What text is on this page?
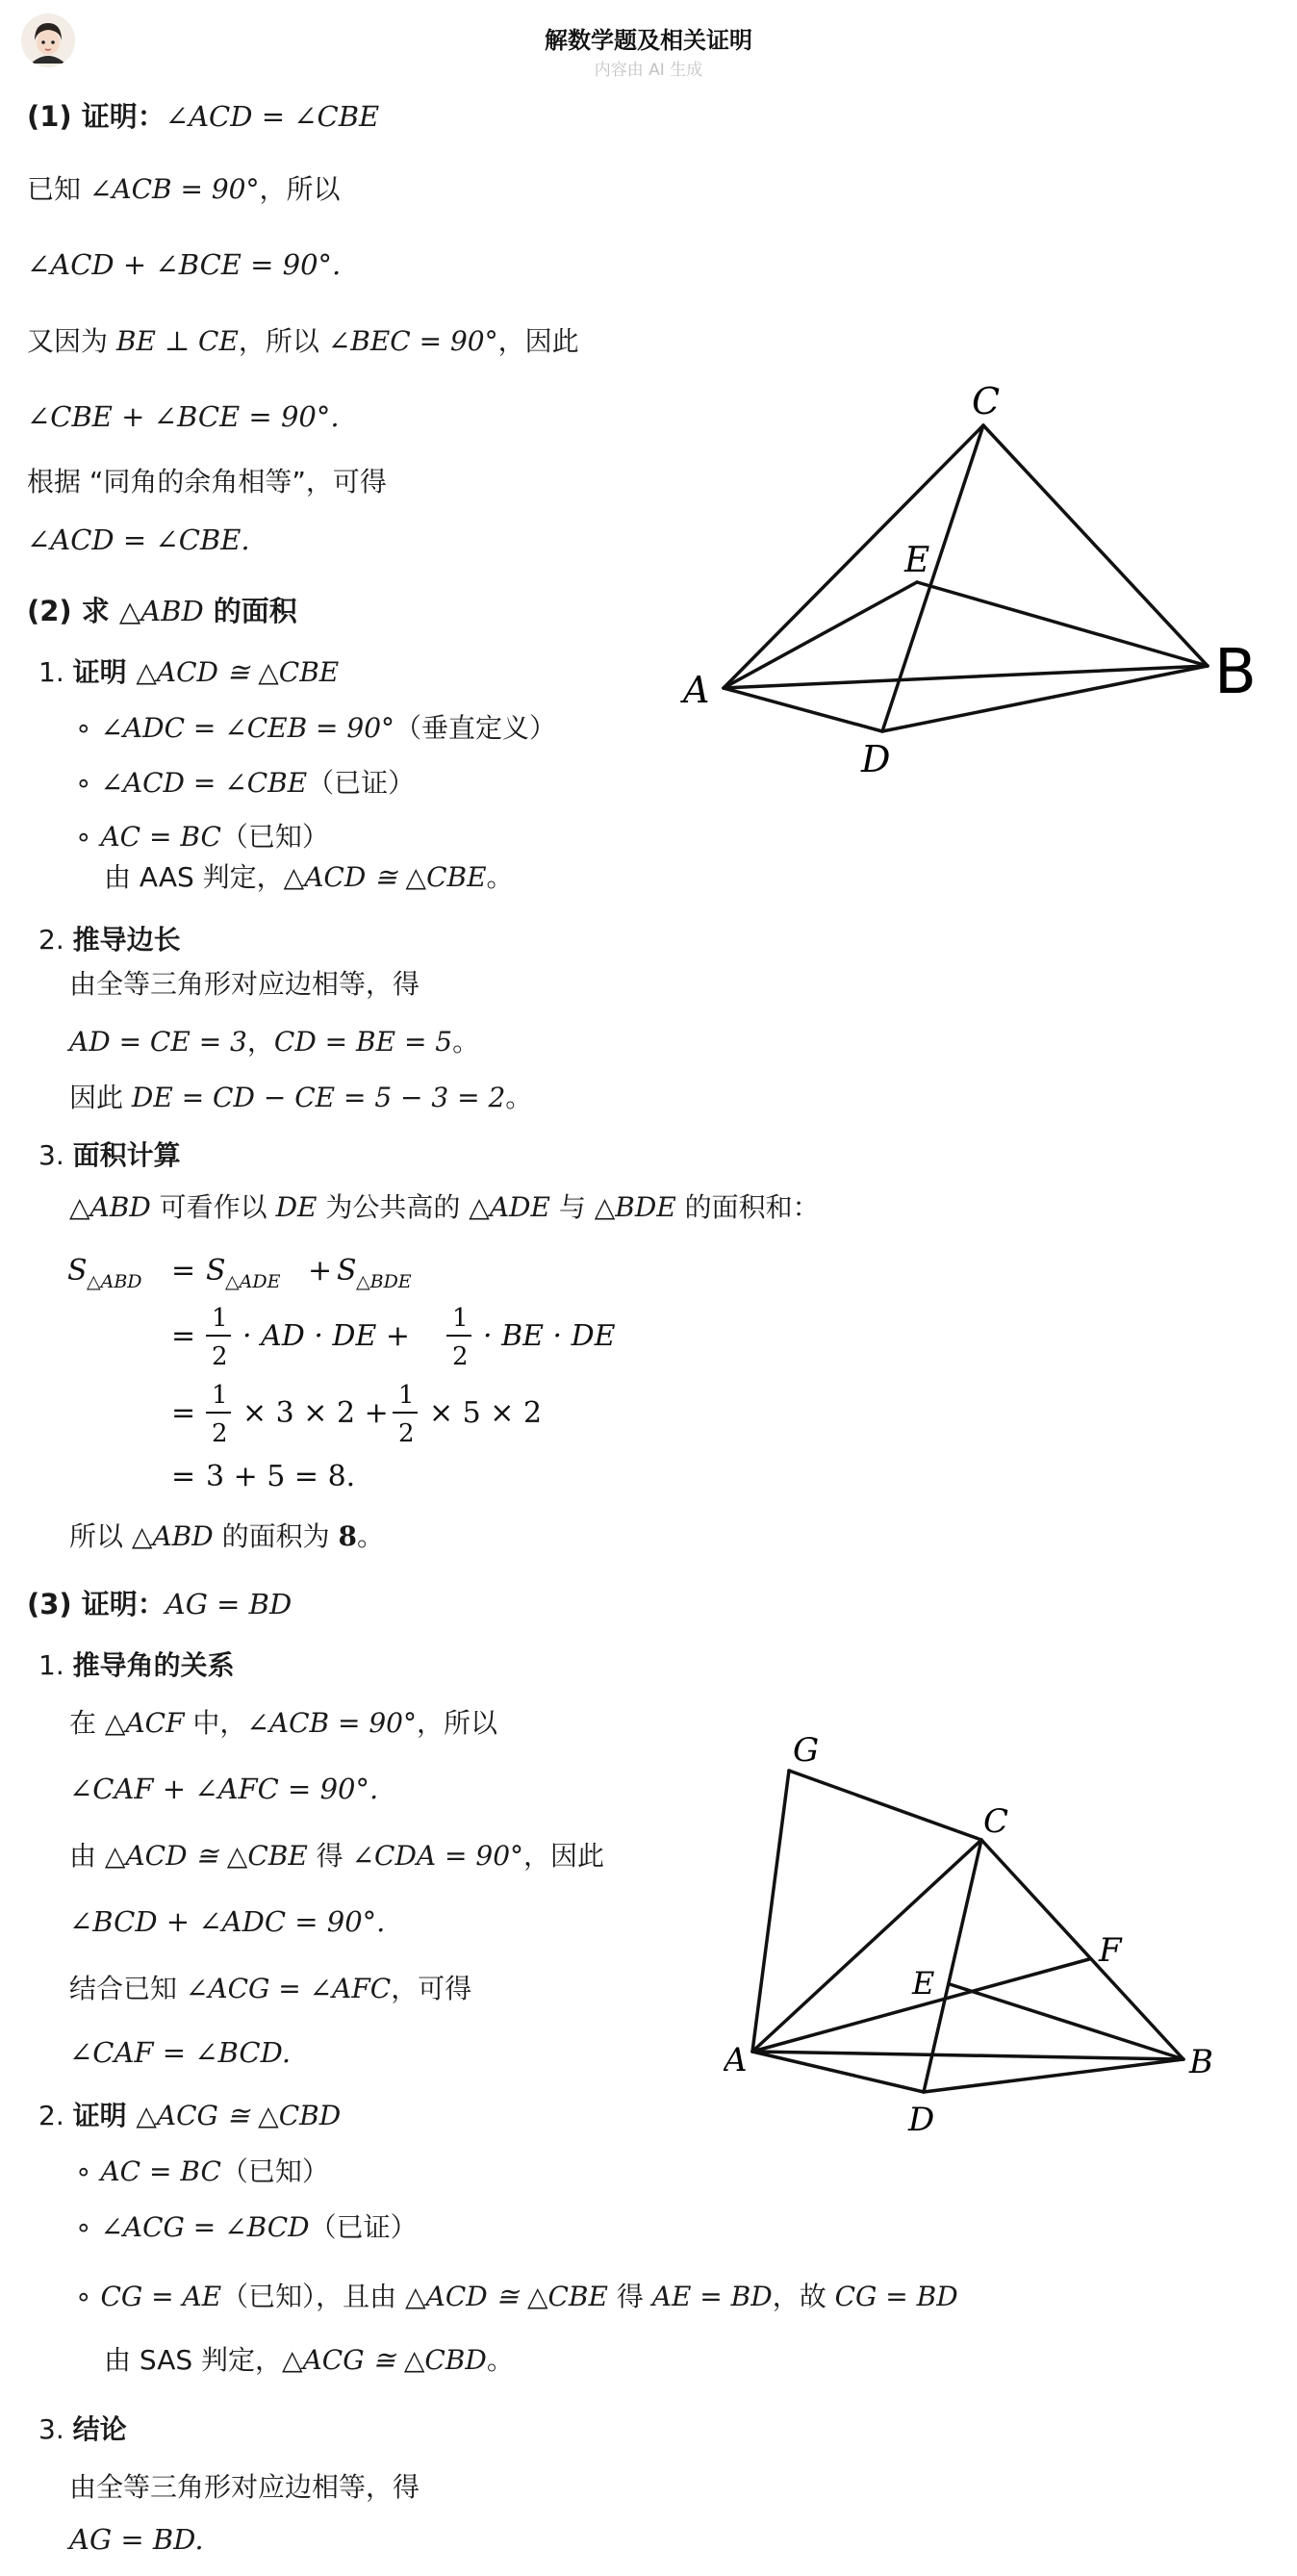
解数学题及相关证明
内容由 AI 生成
(1) 证明：∠ACD = ∠CBE
已知 ∠ACB = 90°，所以
∠ACD + ∠BCE = 90°.
又因为 BE ⊥ CE，所以 ∠BEC = 90°，因此
∠CBE + ∠BCE = 90°.
根据 “同角的余角相等”，可得
∠ACD = ∠CBE.
A	B
C
D
E
(2) 求 △ABD 的面积
1. 证明 △ACD ≅ △CBE
∘ ∠ADC = ∠CEB = 90°（垂直定义）
∘ ∠ACD = ∠CBE（已证）
∘ AC = BC（已知）
由 AAS 判定，△ACD ≅ △CBE。
2. 推导边长
由全等三角形对应边相等，得
AD = CE = 3，CD = BE = 5。
因此 DE = CD − CE = 5 − 3 = 2。
3. 面积计算
△ABD 可看作以 DE 为公共高的 △ADE 与 △BDE 的面积和：
S △ABD = S △ADE + S △BDE
=
1
2
· AD · DE +
1
2
· BE · DE
=
1
2
× 3 × 2 +
1
2
× 5 × 2
= 3 + 5 = 8.
所以 △ABD 的面积为 8。
(3) 证明：AG = BD
1. 推导角的关系
在 △ACF 中，∠ACB = 90°，所以
∠CAF + ∠AFC = 90°.
由 △ACD ≅ △CBE 得 ∠CDA = 90°，因此
∠BCD + ∠ADC = 90°.
结合已知 ∠ACG = ∠AFC，可得
∠CAF = ∠BCD.
G
C
F
E
A	B
D
2. 证明 △ACG ≅ △CBD
∘ AC = BC（已知）
∘ ∠ACG = ∠BCD（已证）
∘ CG = AE（已知），且由 △ACD ≅ △CBE 得 AE = BD，故 CG = BD
由 SAS 判定，△ACG ≅ △CBD。
3. 结论
由全等三角形对应边相等，得
AG = BD.
